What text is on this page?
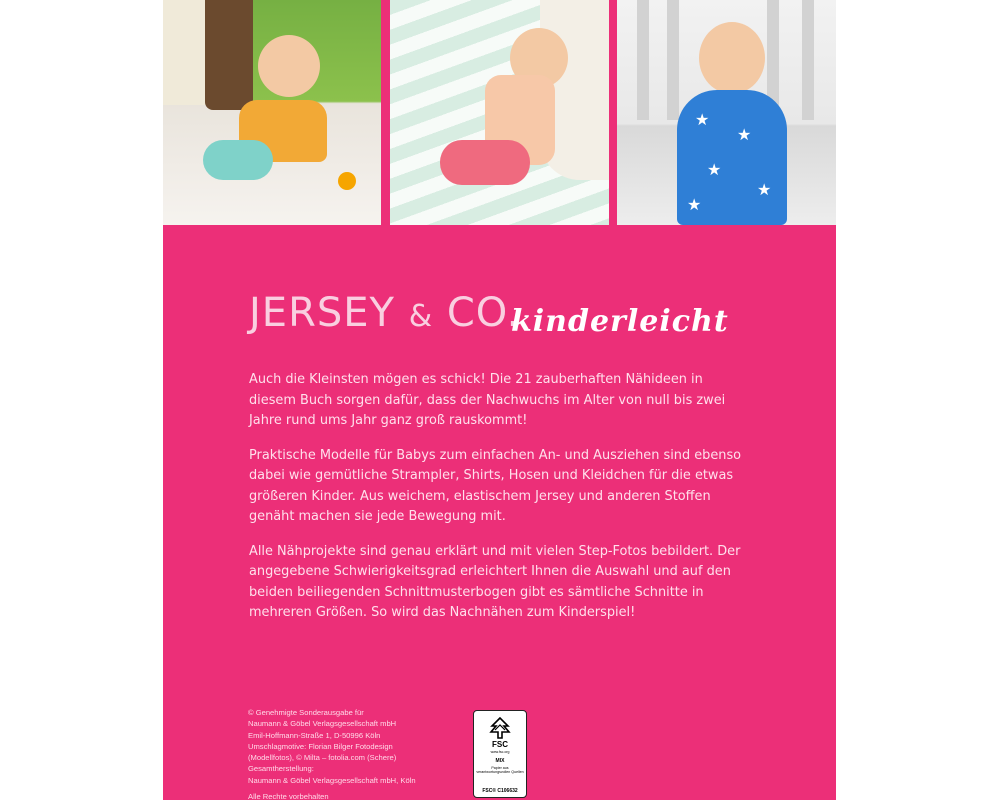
★
★
★
★
★
JERSEY & CO.
kinderleicht

Auch die Kleinsten mögen es schick! Die 21 zauberhaften Nähideen in diesem Buch sorgen dafür, dass der Nachwuchs im Alter von null bis zwei Jahre rund ums Jahr ganz groß rauskommt!

Praktische Modelle für Babys zum einfachen An- und Ausziehen sind ebenso dabei wie gemütliche Strampler, Shirts, Hosen und Kleidchen für die etwas größeren Kinder. Aus weichem, elastischem Jersey und anderen Stoffen genäht machen sie jede Bewegung mit.

Alle Nähprojekte sind genau erklärt und mit vielen Step-Fotos bebildert. Der angegebene Schwierigkeitsgrad erleichtert Ihnen die Auswahl und auf den beiden beiliegenden Schnittmusterbogen gibt es sämtliche Schnitte in mehreren Größen. So wird das Nachnähen zum Kinderspiel!

© Genehmigte Sonderausgabe für
Naumann & Göbel Verlagsgesellschaft mbH
Emil-Hoffmann-Straße 1, D-50996 Köln
Umschlagmotive: Florian Bilger Fotodesign
(Modellfotos), © Milta – fotolia.com (Schere)
Gesamtherstellung:
Naumann & Göbel Verlagsgesellschaft mbH, Köln
Alle Rechte vorbehalten
FSC
www.fsc.org
MIX
Papier aus verantwortungsvollen Quellen
FSC® C106632
